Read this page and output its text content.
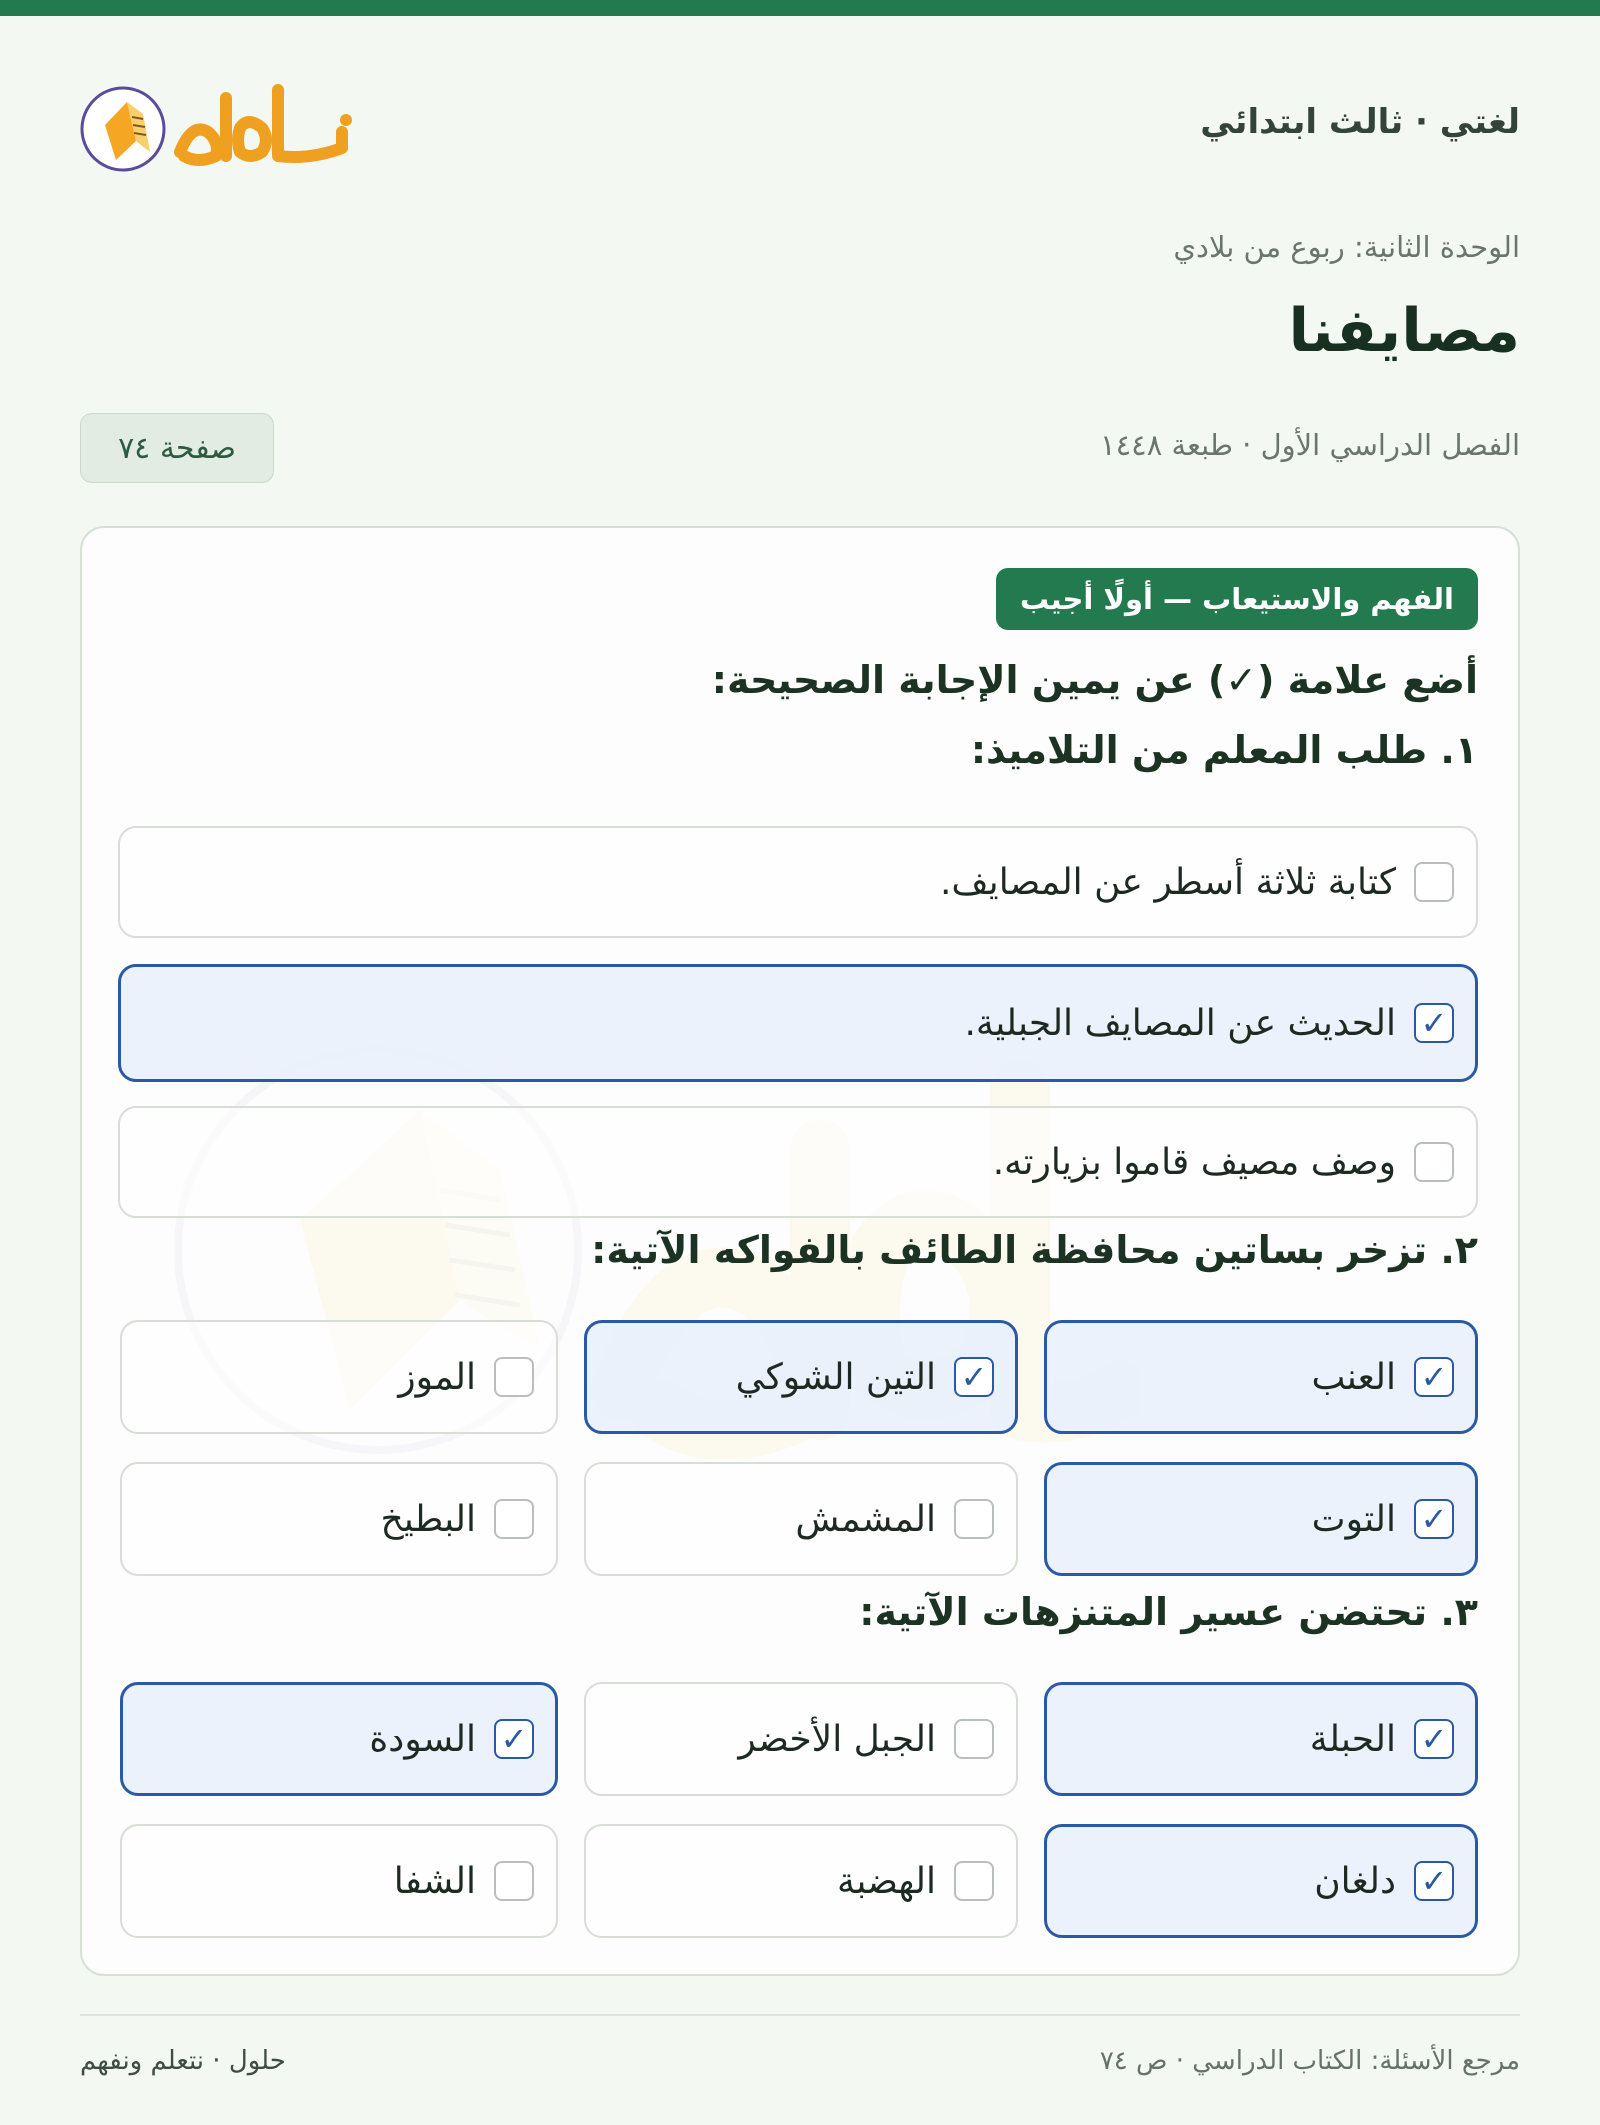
لغتي · ثالث ابتدائي
الوحدة الثانية: ربوع من بلادي
مصايفنا
الفصل الدراسي الأول · طبعة ١٤٤٨
صفحة ٧٤
الفهم والاستيعاب — أولًا أجيب
أضع علامة (✓) عن يمين الإجابة الصحيحة:
١. طلب المعلم من التلاميذ:
كتابة ثلاثة أسطر عن المصايف.
✓
الحديث عن المصايف الجبلية.
وصف مصيف قاموا بزيارته.
٢. تزخر بساتين محافظة الطائف بالفواكه الآتية:
✓
العنب
✓
التين الشوكي
الموز
✓
التوت
المشمش
البطيخ
٣. تحتضن عسير المتنزهات الآتية:
✓
الحبلة
الجبل الأخضر
✓
السودة
✓
دلغان
الهضبة
الشفا
مرجع الأسئلة: الكتاب الدراسي · ص ٧٤
حلول · نتعلم ونفهم
